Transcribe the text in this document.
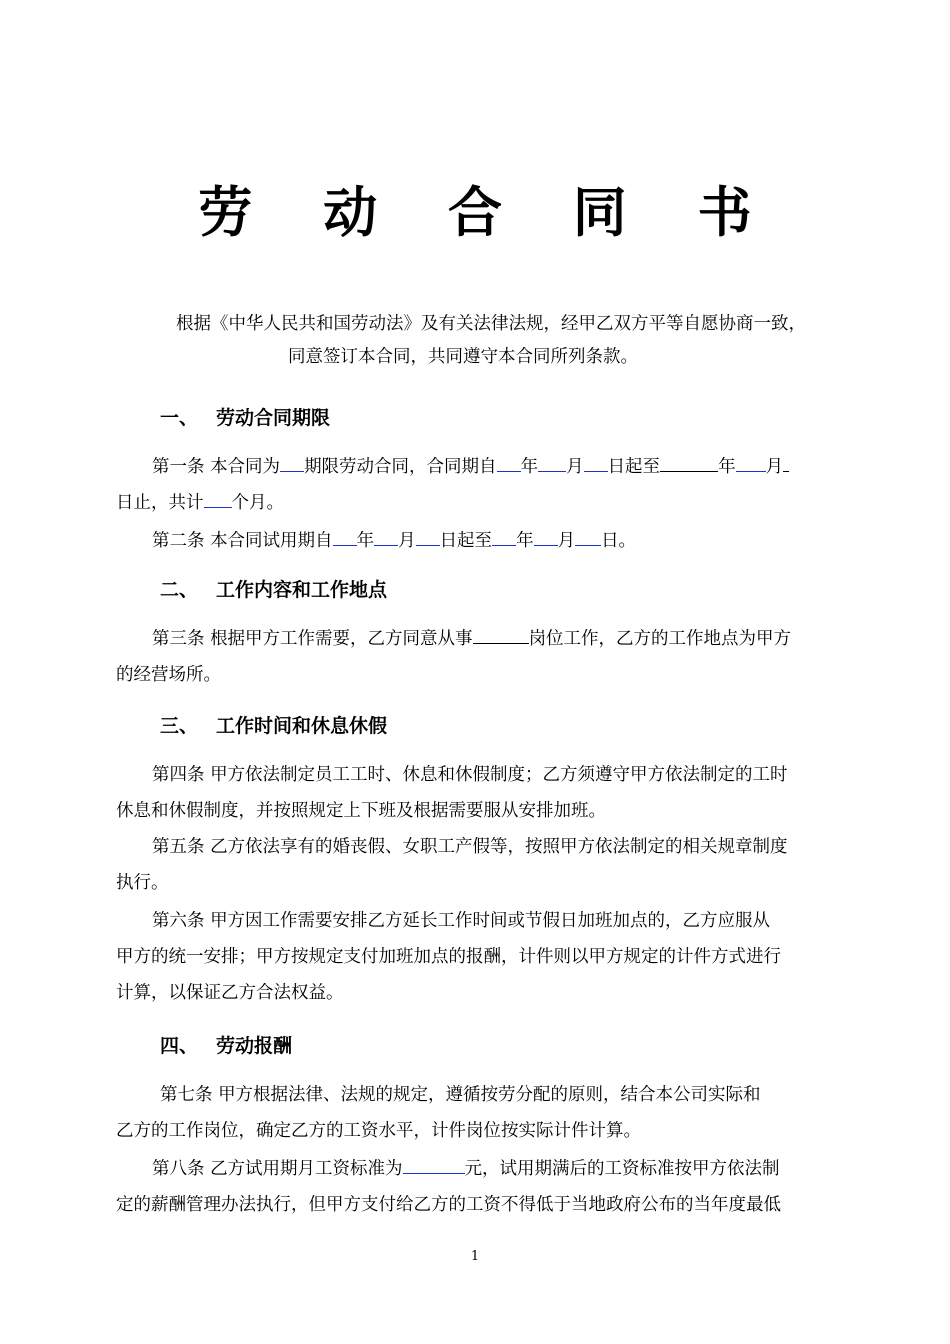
劳 动 合 同 书
根据《中华人民共和国劳动法》及有关法律法规，经甲乙双方平等自愿协商一致，
同意签订本合同，共同遵守本合同所列条款。
一、 劳动合同期限
第一条 本合同为 期限劳动合同，合同期自 年 月 日起至	年 月
日止，共计 个月。
第二条 本合同试用期自 年 月 日起至 年 月 日。
二、 工作内容和工作地点
第三条 根据甲方工作需要，乙方同意从事	岗位工作，乙方的工作地点为甲方
的经营场所。
三、 工作时间和休息休假
第四条 甲方依法制定员工工时、休息和休假制度；乙方须遵守甲方依法制定的工时
休息和休假制度，并按照规定上下班及根据需要服从安排加班。
第五条 乙方依法享有的婚丧假、女职工产假等，按照甲方依法制定的相关规章制度
执行。
第六条 甲方因工作需要安排乙方延长工作时间或节假日加班加点的，乙方应服从
甲方的统一安排；甲方按规定支付加班加点的报酬，计件则以甲方规定的计件方式进行
计算，以保证乙方合法权益。
四、 劳动报酬
第七条 甲方根据法律、法规的规定，遵循按劳分配的原则，结合本公司实际和
乙方的工作岗位，确定乙方的工资水平，计件岗位按实际计件计算。
第八条 乙方试用期月工资标准为	元，试用期满后的工资标准按甲方依法制
定的薪酬管理办法执行，但甲方支付给乙方的工资不得低于当地政府公布的当年度最低
1
